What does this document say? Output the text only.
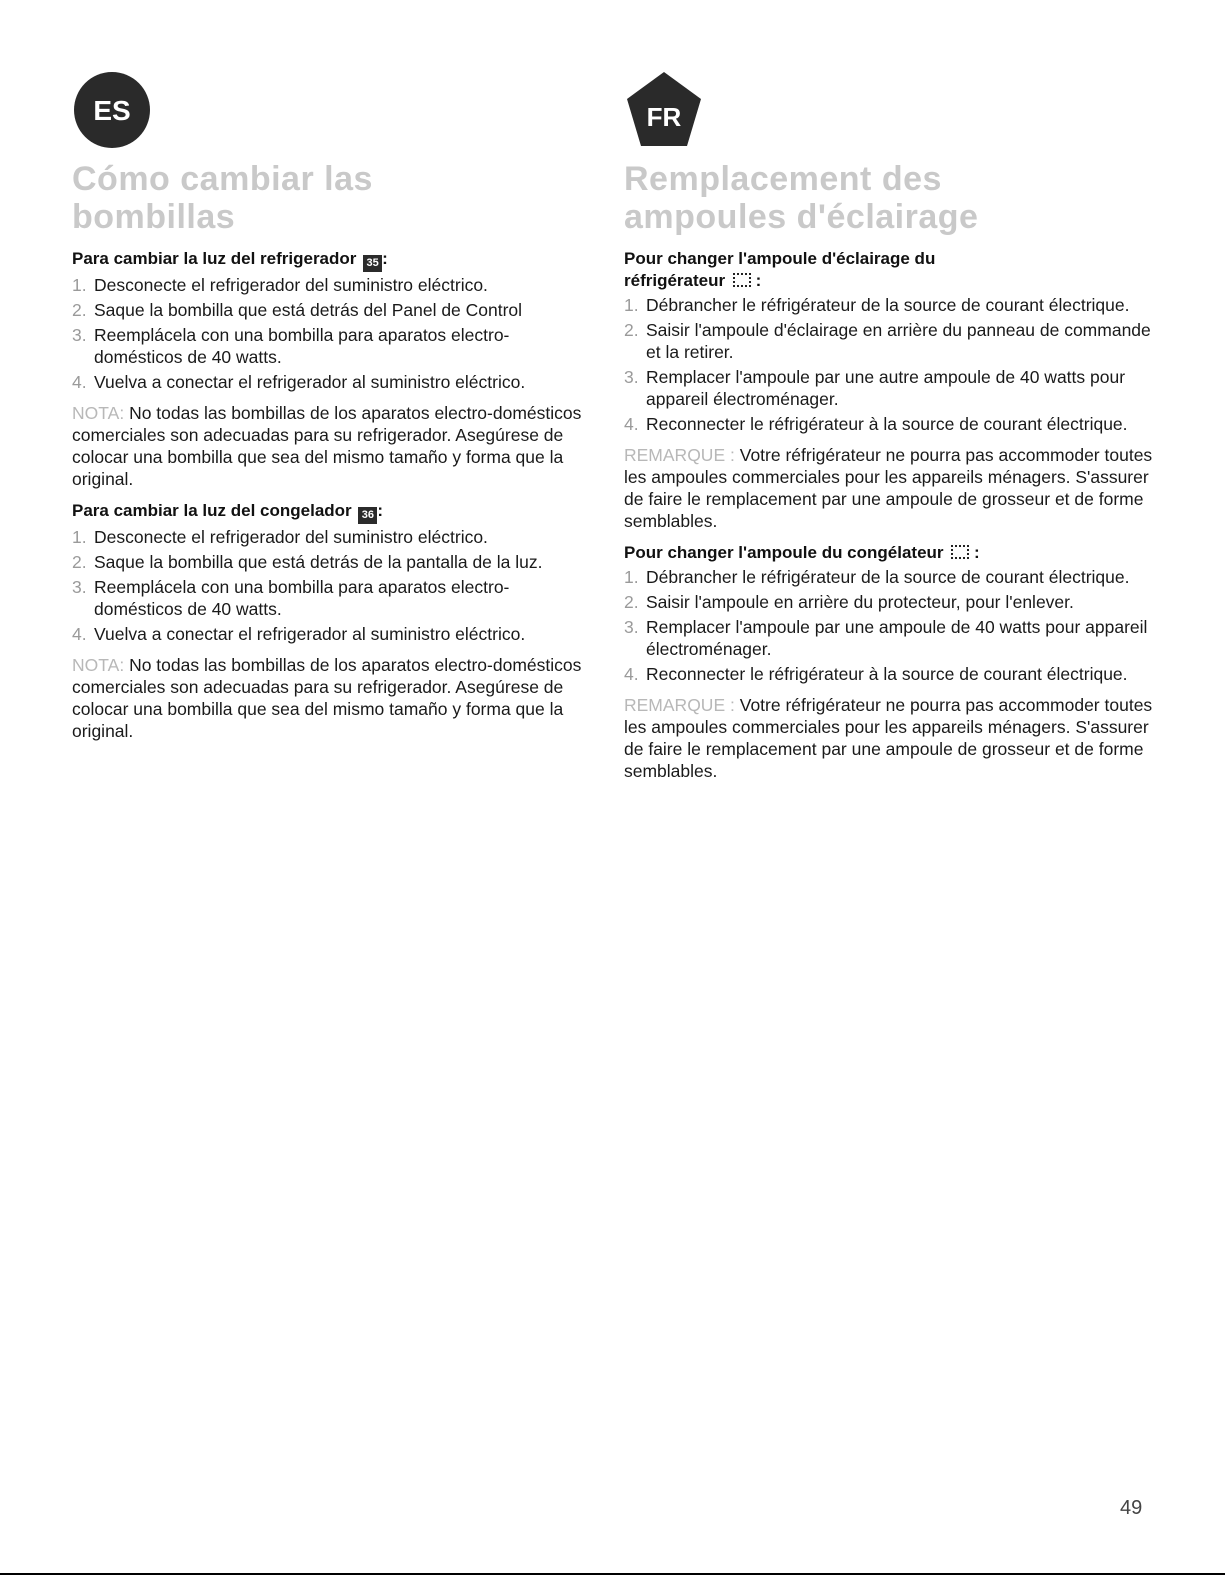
ES
Cómo cambiar las
bombillas
Para cambiar la luz del refrigerador 35 :
1. Desconecte el refrigerador del suministro eléctrico.
2. Saque la bombilla que está detrás del Panel de Control
3. Reemplácela con una bombilla para aparatos electro-domésticos de 40 watts.
4. Vuelva a conectar el refrigerador al suministro eléctrico.

NOTA: No todas las bombillas de los aparatos electro-domésticos comerciales son adecuadas para su refrigerador. Asegúrese de colocar una bombilla que sea del mismo tamaño y forma que la original.

Para cambiar la luz del congelador 36 :
1. Desconecte el refrigerador del suministro eléctrico.
2. Saque la bombilla que está detrás de la pantalla de la luz.
3. Reemplácela con una bombilla para aparatos electro-domésticos de 40 watts.
4. Vuelva a conectar el refrigerador al suministro eléctrico.

NOTA: No todas las bombillas de los aparatos electro-domésticos comerciales son adecuadas para su refrigerador. Asegúrese de colocar una bombilla que sea del mismo tamaño y forma que la original.

FR
Remplacement des
ampoules d'éclairage
Pour changer l'ampoule d'éclairage du
réfrigérateur :
1. Débrancher le réfrigérateur de la source de courant électrique.
2. Saisir l'ampoule d'éclairage en arrière du panneau de commande et la retirer.
3. Remplacer l'ampoule par une autre ampoule de 40 watts pour appareil électroménager.
4. Reconnecter le réfrigérateur à la source de courant électrique.

REMARQUE : Votre réfrigérateur ne pourra pas accommoder toutes les ampoules commerciales pour les appareils ménagers. S'assurer de faire le remplacement par une ampoule de grosseur et de forme semblables.

Pour changer l'ampoule du congélateur :
1. Débrancher le réfrigérateur de la source de courant électrique.
2. Saisir l'ampoule en arrière du protecteur, pour l'enlever.
3. Remplacer l'ampoule par une ampoule de 40 watts pour appareil électroménager.
4. Reconnecter le réfrigérateur à la source de courant électrique.

REMARQUE : Votre réfrigérateur ne pourra pas accommoder toutes les ampoules commerciales pour les appareils ménagers. S'assurer de faire le remplacement par une ampoule de grosseur et de forme semblables.

49
